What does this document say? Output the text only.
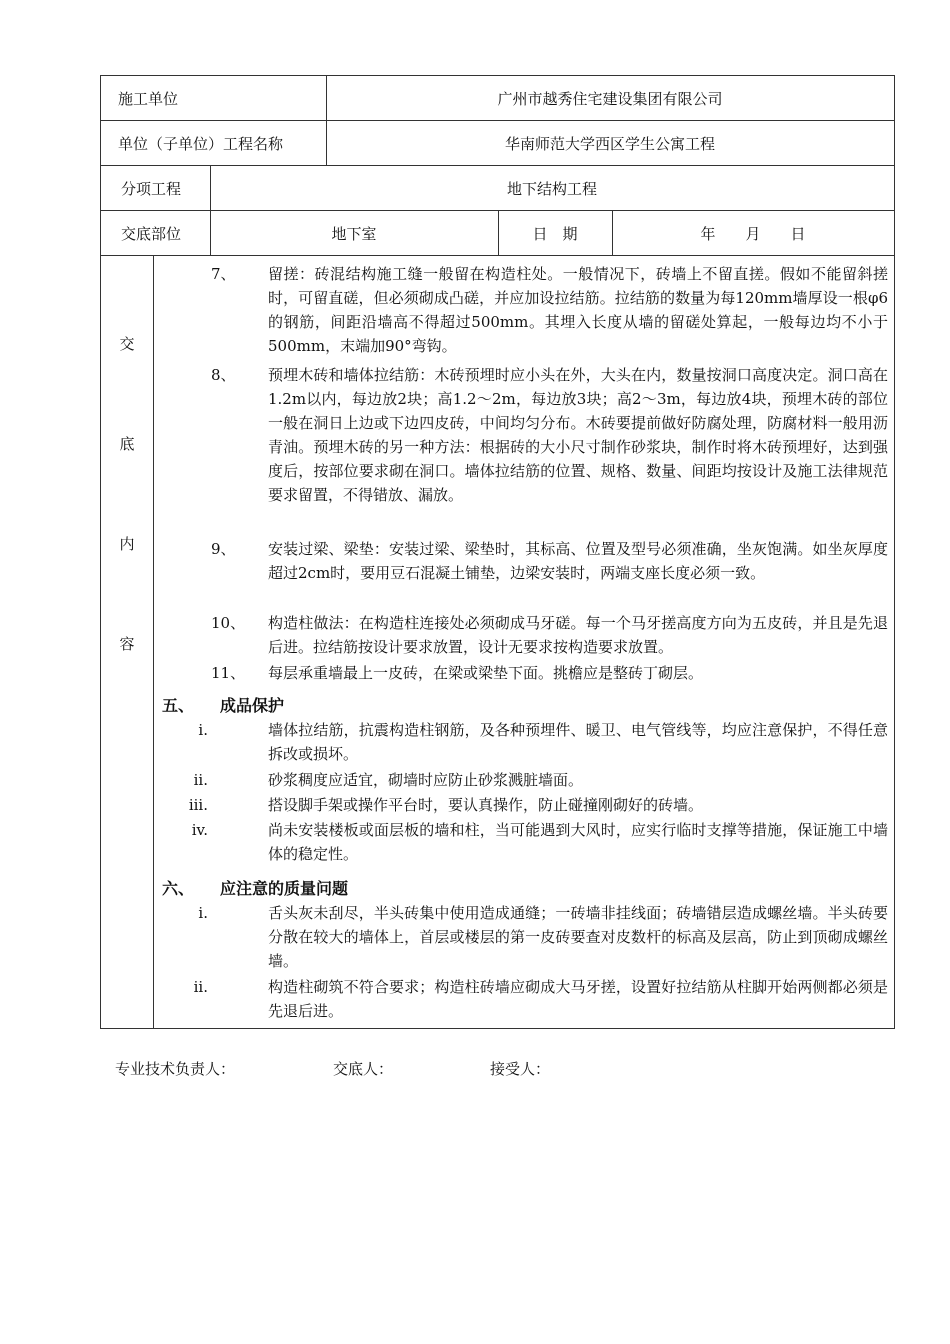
施工单位	广州市越秀住宅建设集团有限公司
单位（子单位）工程名称	华南师范大学西区学生公寓工程
分项工程	地下结构工程
交底部位	地下室	日　期	年　　月　　日
交
底
内
容
7、 留搓：砖混结构施工缝一般留在构造柱处。一般情况下，砖墙上不留直搓。假如不能留斜搓时，可留直磋，但必须砌成凸磋，并应加设拉结筋。拉结筋的数量为每120mm墙厚设一根φ6的钢筋，间距沿墙高不得超过500mm。其埋入长度从墙的留磋处算起，一般每边均不小于500mm，末端加90°弯钩。
8、 预埋木砖和墙体拉结筋：木砖预埋时应小头在外，大头在内，数量按洞口高度决定。洞口高在1.2m以内，每边放2块；高1.2～2m，每边放3块；高2～3m，每边放4块，预埋木砖的部位一般在洞日上边或下边四皮砖，中间均匀分布。木砖要提前做好防腐处理，防腐材料一般用沥青油。预埋木砖的另一种方法：根据砖的大小尺寸制作砂浆块，制作时将木砖预埋好，达到强度后，按部位要求砌在洞口。墙体拉结筋的位置、规格、数量、间距均按设计及施工法律规范要求留置，不得错放、漏放。
9、 安装过梁、梁垫：安装过梁、梁垫时，其标高、位置及型号必须准确，坐灰饱满。如坐灰厚度超过2cm时，要用豆石混凝土铺垫，边梁安装时，两端支座长度必须一致。
10、 构造柱做法：在构造柱连接处必须砌成马牙磋。每一个马牙搓高度方向为五皮砖，并且是先退后进。拉结筋按设计要求放置，设计无要求按构造要求放置。
11、 每层承重墙最上一皮砖，在梁或梁垫下面。挑檐应是整砖丁砌层。
五、 成品保护
i.	墙体拉结筋，抗震构造柱钢筋，及各种预埋件、暖卫、电气管线等，均应注意保护，不得任意拆改或损坏。
ii.	砂浆稠度应适宜，砌墙时应防止砂浆溅脏墙面。
iii.	搭设脚手架或操作平台时，要认真操作，防止碰撞刚砌好的砖墙。
iv.	尚未安装楼板或面层板的墙和柱，当可能遇到大风时，应实行临时支撑等措施，保证施工中墙体的稳定性。
六、 应注意的质量问题
i.	舌头灰未刮尽，半头砖集中使用造成通缝；一砖墙非挂线面；砖墙错层造成螺丝墙。半头砖要分散在较大的墙体上，首层或楼层的第一皮砖要查对皮数杆的标高及层高，防止到顶砌成螺丝墙。
ii.	构造柱砌筑不符合要求；构造柱砖墙应砌成大马牙搓，设置好拉结筋从柱脚开始两侧都必须是先退后进。
专业技术负责人：	交底人：	接受人：
